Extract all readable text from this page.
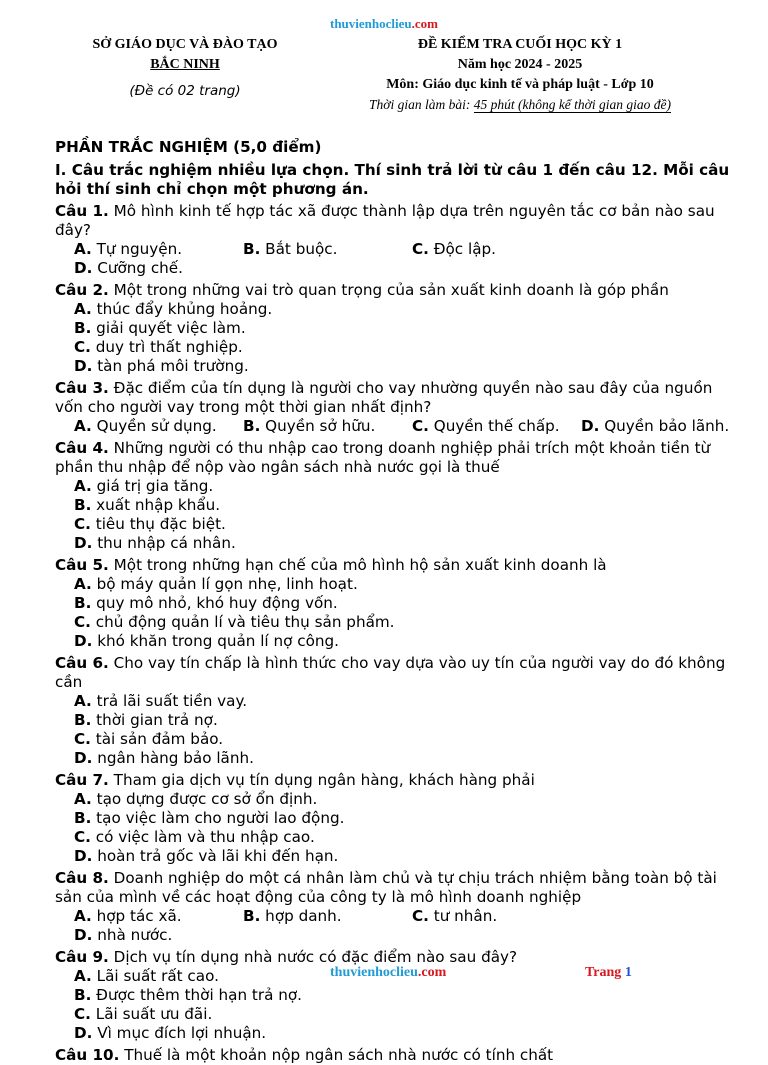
thuvienhoclieu.com
SỞ GIÁO DỤC VÀ ĐÀO TẠO
BẮC NINH
(Đề có 02 trang)
ĐỀ KIỂM TRA CUỐI HỌC KỲ 1
Năm học 2024 - 2025
Môn: Giáo dục kinh tế và pháp luật - Lớp 10
Thời gian làm bài: 45 phút (không kể thời gian giao đề)
PHẦN TRẮC NGHIỆM (5,0 điểm)
I. Câu trắc nghiệm nhiều lựa chọn. Thí sinh trả lời từ câu 1 đến câu 12. Mỗi câu hỏi thí sinh chỉ chọn một phương án.
Câu 1. Mô hình kinh tế hợp tác xã được thành lập dựa trên nguyên tắc cơ bản nào sau đây?
A. Tự nguyện.	B. Bắt buộc.	C. Độc lập.
D. Cưỡng chế.
Câu 2. Một trong những vai trò quan trọng của sản xuất kinh doanh là góp phần
A. thúc đẩy khủng hoảng.
B. giải quyết việc làm.
C. duy trì thất nghiệp.
D. tàn phá môi trường.
Câu 3. Đặc điểm của tín dụng là người cho vay nhường quyền nào sau đây của nguồn vốn cho người vay trong một thời gian nhất định?
A. Quyền sử dụng.	B. Quyền sở hữu.	C. Quyền thế chấp.	D. Quyền bảo lãnh.
Câu 4. Những người có thu nhập cao trong doanh nghiệp phải trích một khoản tiền từ phần thu nhập để nộp vào ngân sách nhà nước gọi là thuế
A. giá trị gia tăng.
B. xuất nhập khẩu.
C. tiêu thụ đặc biệt.
D. thu nhập cá nhân.
Câu 5. Một trong những hạn chế của mô hình hộ sản xuất kinh doanh là
A. bộ máy quản lí gọn nhẹ, linh hoạt.
B. quy mô nhỏ, khó huy động vốn.
C. chủ động quản lí và tiêu thụ sản phẩm.
D. khó khăn trong quản lí nợ công.
Câu 6. Cho vay tín chấp là hình thức cho vay dựa vào uy tín của người vay do đó không cần
A. trả lãi suất tiền vay.
B. thời gian trả nợ.
C. tài sản đảm bảo.
D. ngân hàng bảo lãnh.
Câu 7. Tham gia dịch vụ tín dụng ngân hàng, khách hàng phải
A. tạo dựng được cơ sở ổn định.
B. tạo việc làm cho người lao động.
C. có việc làm và thu nhập cao.
D. hoàn trả gốc và lãi khi đến hạn.
Câu 8. Doanh nghiệp do một cá nhân làm chủ và tự chịu trách nhiệm bằng toàn bộ tài sản của mình về các hoạt động của công ty là mô hình doanh nghiệp
A. hợp tác xã.	B. hợp danh.	C. tư nhân.
D. nhà nước.
Câu 9. Dịch vụ tín dụng nhà nước có đặc điểm nào sau đây?
A. Lãi suất rất cao.
B. Được thêm thời hạn trả nợ.
C. Lãi suất ưu đãi.
D. Vì mục đích lợi nhuận.
Câu 10. Thuế là một khoản nộp ngân sách nhà nước có tính chất
thuvienhoclieu.com	Trang 1
